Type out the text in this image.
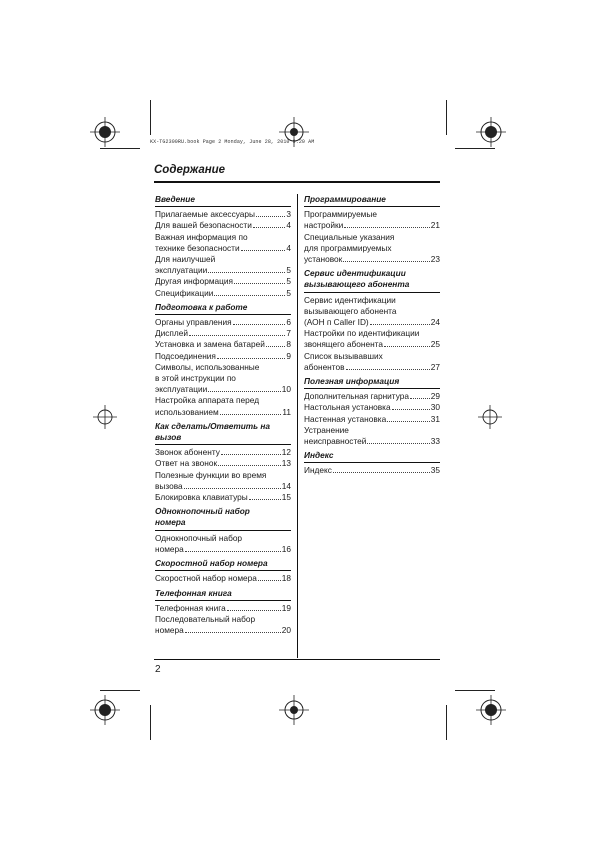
KX-TG2300RU.book Page 2 Monday, June 28, 2010 9:20 AM
Содержание
Введение
Прилагаемые аксессуары	3
Для вашей безопасности	4
Важная информация по
технике безопасности	4
Для наилучшей
эксплуатации	5
Другая информация	5
Спецификации	5
Подготовка к работе
Органы управления	6
Дисплей	7
Установка и замена батарей	8
Подсоединения	9
Символы, использованные
в этой инструкции по
эксплуатации	10
Настройка аппарата перед
использованием	11
Как сделать/Ответить на
вызов
Звонок абоненту	12
Ответ на звонок	13
Полезные функции во время
вызова	14
Блокировка клавиатуры	15
Однокнопочный набор
номера
Однокнопочный набор
номера	16
Скоростной набор номера
Скоростной набор номера	18
Телефонная книга
Телефонная книга	19
Последовательный набор
номера	20
Программирование
Программируемые
настройки	21
Специальные указания
для программируемых
установок	23
Сервис идентификации
вызывающего абонента
Сервис идентификации
вызывающего абонента
(АОН п Caller ID)	24
Настройки по идентификации
звонящего абонента	25
Список вызывавших
абонентов	27
Полезная информация
Дополнительная гарнитура	29
Настольная установка	30
Настенная установка	31
Устранение
неисправностей	33
Индекс
Индекс	35
2
